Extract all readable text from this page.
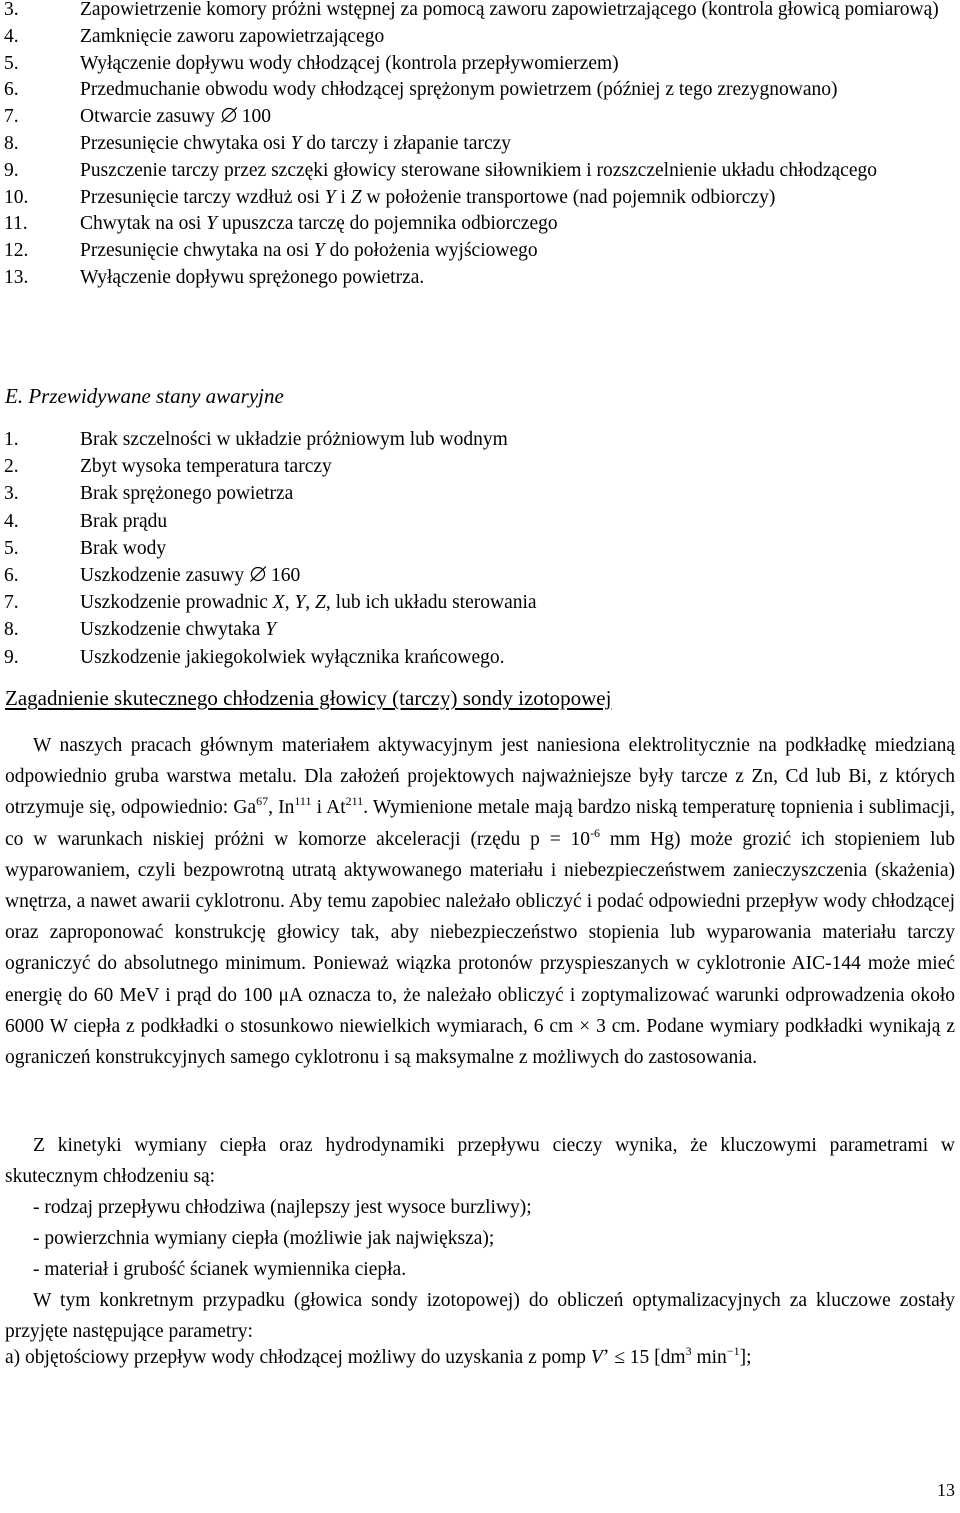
3.	Zapowietrzenie komory próżni wstępnej za pomocą zaworu zapowietrzającego (kontrola głowicą pomiarową)
4.	Zamknięcie zaworu zapowietrzającego
5.	Wyłączenie dopływu wody chłodzącej (kontrola przepływomierzem)
6.	Przedmuchanie obwodu wody chłodzącej sprężonym powietrzem (później z tego zrezygnowano)
7.	Otwarcie zasuwy
100
8.	Przesunięcie chwytaka osi Y do tarczy i złapanie tarczy
9.	Puszczenie tarczy przez szczęki głowicy sterowane siłownikiem i rozszczelnienie układu chłodzącego
10.	Przesunięcie tarczy wzdłuż osi Y i Z w położenie transportowe (nad pojemnik odbiorczy)
11.	Chwytak na osi Y upuszcza tarczę do pojemnika odbiorczego
12.	Przesunięcie chwytaka na osi Y do położenia wyjściowego
13.	Wyłączenie dopływu sprężonego powietrza.
E. Przewidywane stany awaryjne
1.	Brak szczelności w układzie próżniowym lub wodnym
2.	Zbyt wysoka temperatura tarczy
3.	Brak sprężonego powietrza
4.	Brak prądu
5.	Brak wody
6.	Uszkodzenie zasuwy
160
7.	Uszkodzenie prowadnic X, Y, Z, lub ich układu sterowania
8.	Uszkodzenie chwytaka Y
9.	Uszkodzenie jakiegokolwiek wyłącznika krańcowego.
Zagadnienie skutecznego chłodzenia głowicy (tarczy) sondy izotopowej

W naszych pracach głównym materiałem aktywacyjnym jest naniesiona elektrolitycznie na podkładkę miedzianą odpowiednio gruba warstwa metalu. Dla założeń projektowych najważniejsze były tarcze z Zn, Cd lub Bi, z których otrzymuje się, odpowiednio: Ga$^{67}$, In$^{111}$ i At$^{211}$. Wymienione metale mają bardzo niską temperaturę topnienia i sublimacji, co w warunkach niskiej próżni w komorze akceleracji (rzędu $p = 10^{-6}$ mm Hg) może grozić ich stopieniem lub wyparowaniem, czyli bezpowrotną utratą aktywowanego materiału i niebezpieczeństwem zanieczyszczenia (skażenia) wnętrza, a nawet awarii cyklotronu. Aby temu zapobiec należało obliczyć i podać odpowiedni przepływ wody chłodzącej oraz zaproponować konstrukcję głowicy tak, aby niebezpieczeństwo stopienia lub wyparowania materiału tarczy ograniczyć do absolutnego minimum. Ponieważ wiązka protonów przyspieszanych w cyklotronie AIC-144 może mieć energię do 60 MeV i prąd do 100 μA oznacza to, że należało obliczyć i zoptymalizować warunki odprowadzenia około 6000 W ciepła z podkładki o stosunkowo niewielkich wymiarach, 6 cm × 3 cm. Podane wymiary podkładki wynikają z ograniczeń konstrukcyjnych samego cyklotronu i są maksymalne z możliwych do zastosowania.

Z kinetyki wymiany ciepła oraz hydrodynamiki przepływu cieczy wynika, że kluczowymi parametrami w skutecznym chłodzeniu są:

- rodzaj przepływu chłodziwa (najlepszy jest wysoce burzliwy);
- powierzchnia wymiany ciepła (możliwie jak największa);
- materiał i grubość ścianek wymiennika ciepła.

W tym konkretnym przypadku (głowica sondy izotopowej) do obliczeń optymalizacyjnych za kluczowe zostały przyjęte następujące parametry:

a) objętościowy przepływ wody chłodzącej możliwy do uzyskania z pomp Vʼ ≤ 15 [$dm^3$ $\min^{-1}$];

13
